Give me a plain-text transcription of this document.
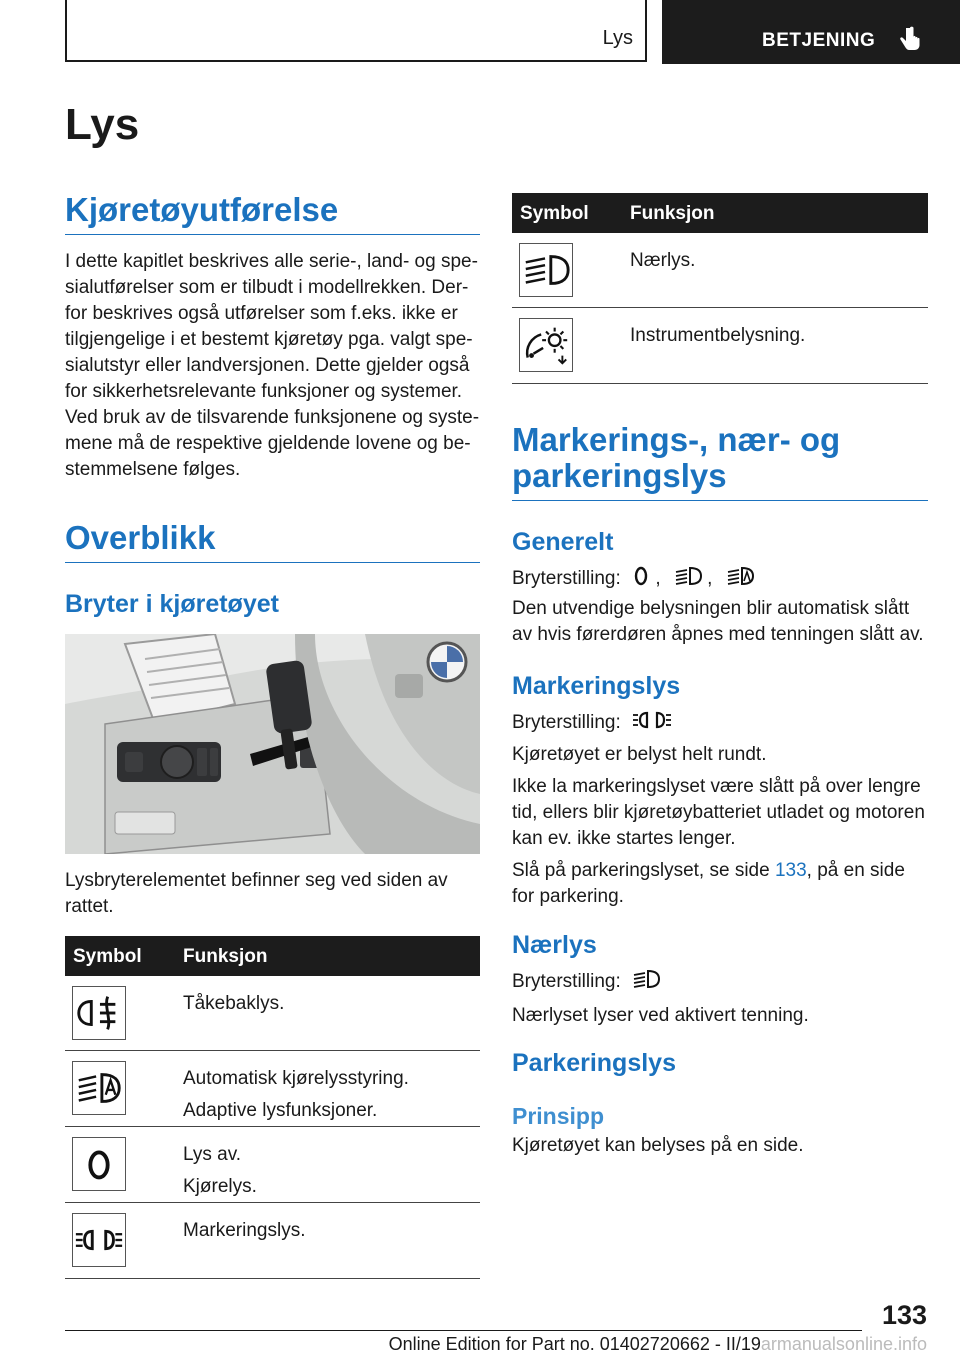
Lys	BETJENING
Lys
Kjøretøyutførelse

I dette kapitlet beskrives alle serie-, land- og spe-

sialutførelser som er tilbudt i modellrekken. Der-

for beskrives også utførelser som f.eks. ikke er

tilgjengelige i et bestemt kjøretøy pga. valgt spe-

sialutstyr eller landversjonen. Dette gjelder også

for sikkerhetsrelevante funksjoner og systemer.

Ved bruk av de tilsvarende funksjonene og syste-

mene må de respektive gjeldende lovene og be-

stemmelsene følges.

Overblikk
Bryter i kjøretøyet

Lysbryterelementet befinner seg ved siden av

rattet.

Symbol Funksjon
Tåkebaklys.
Automatisk kjørelysstyring.
Adaptive lysfunksjoner.
Lys av.
Kjørelys.
Markeringslys.
Symbol Funksjon
Nærlys.
Instrumentbelysning.
Markerings-, nær- og
parkeringslys
Generelt

Bryterstilling: , ,

Den utvendige belysningen blir automatisk slått

av hvis førerdøren åpnes med tenningen slått av.

Markeringslys

Bryterstilling:

Kjøretøyet er belyst helt rundt.

Ikke la markeringslyset være slått på over lengre

tid, ellers blir kjøretøybatteriet utladet og motoren

kan ev. ikke startes lenger.

Slå på parkeringslyset, se side 133, på en side

for parkering.

Nærlys

Bryterstilling:

Nærlyset lyser ved aktivert tenning.

Parkeringslys
Prinsipp

Kjøretøyet kan belyses på en side.

133
Online Edition for Part no. 01402720662 - II/19armanualsonline.info
